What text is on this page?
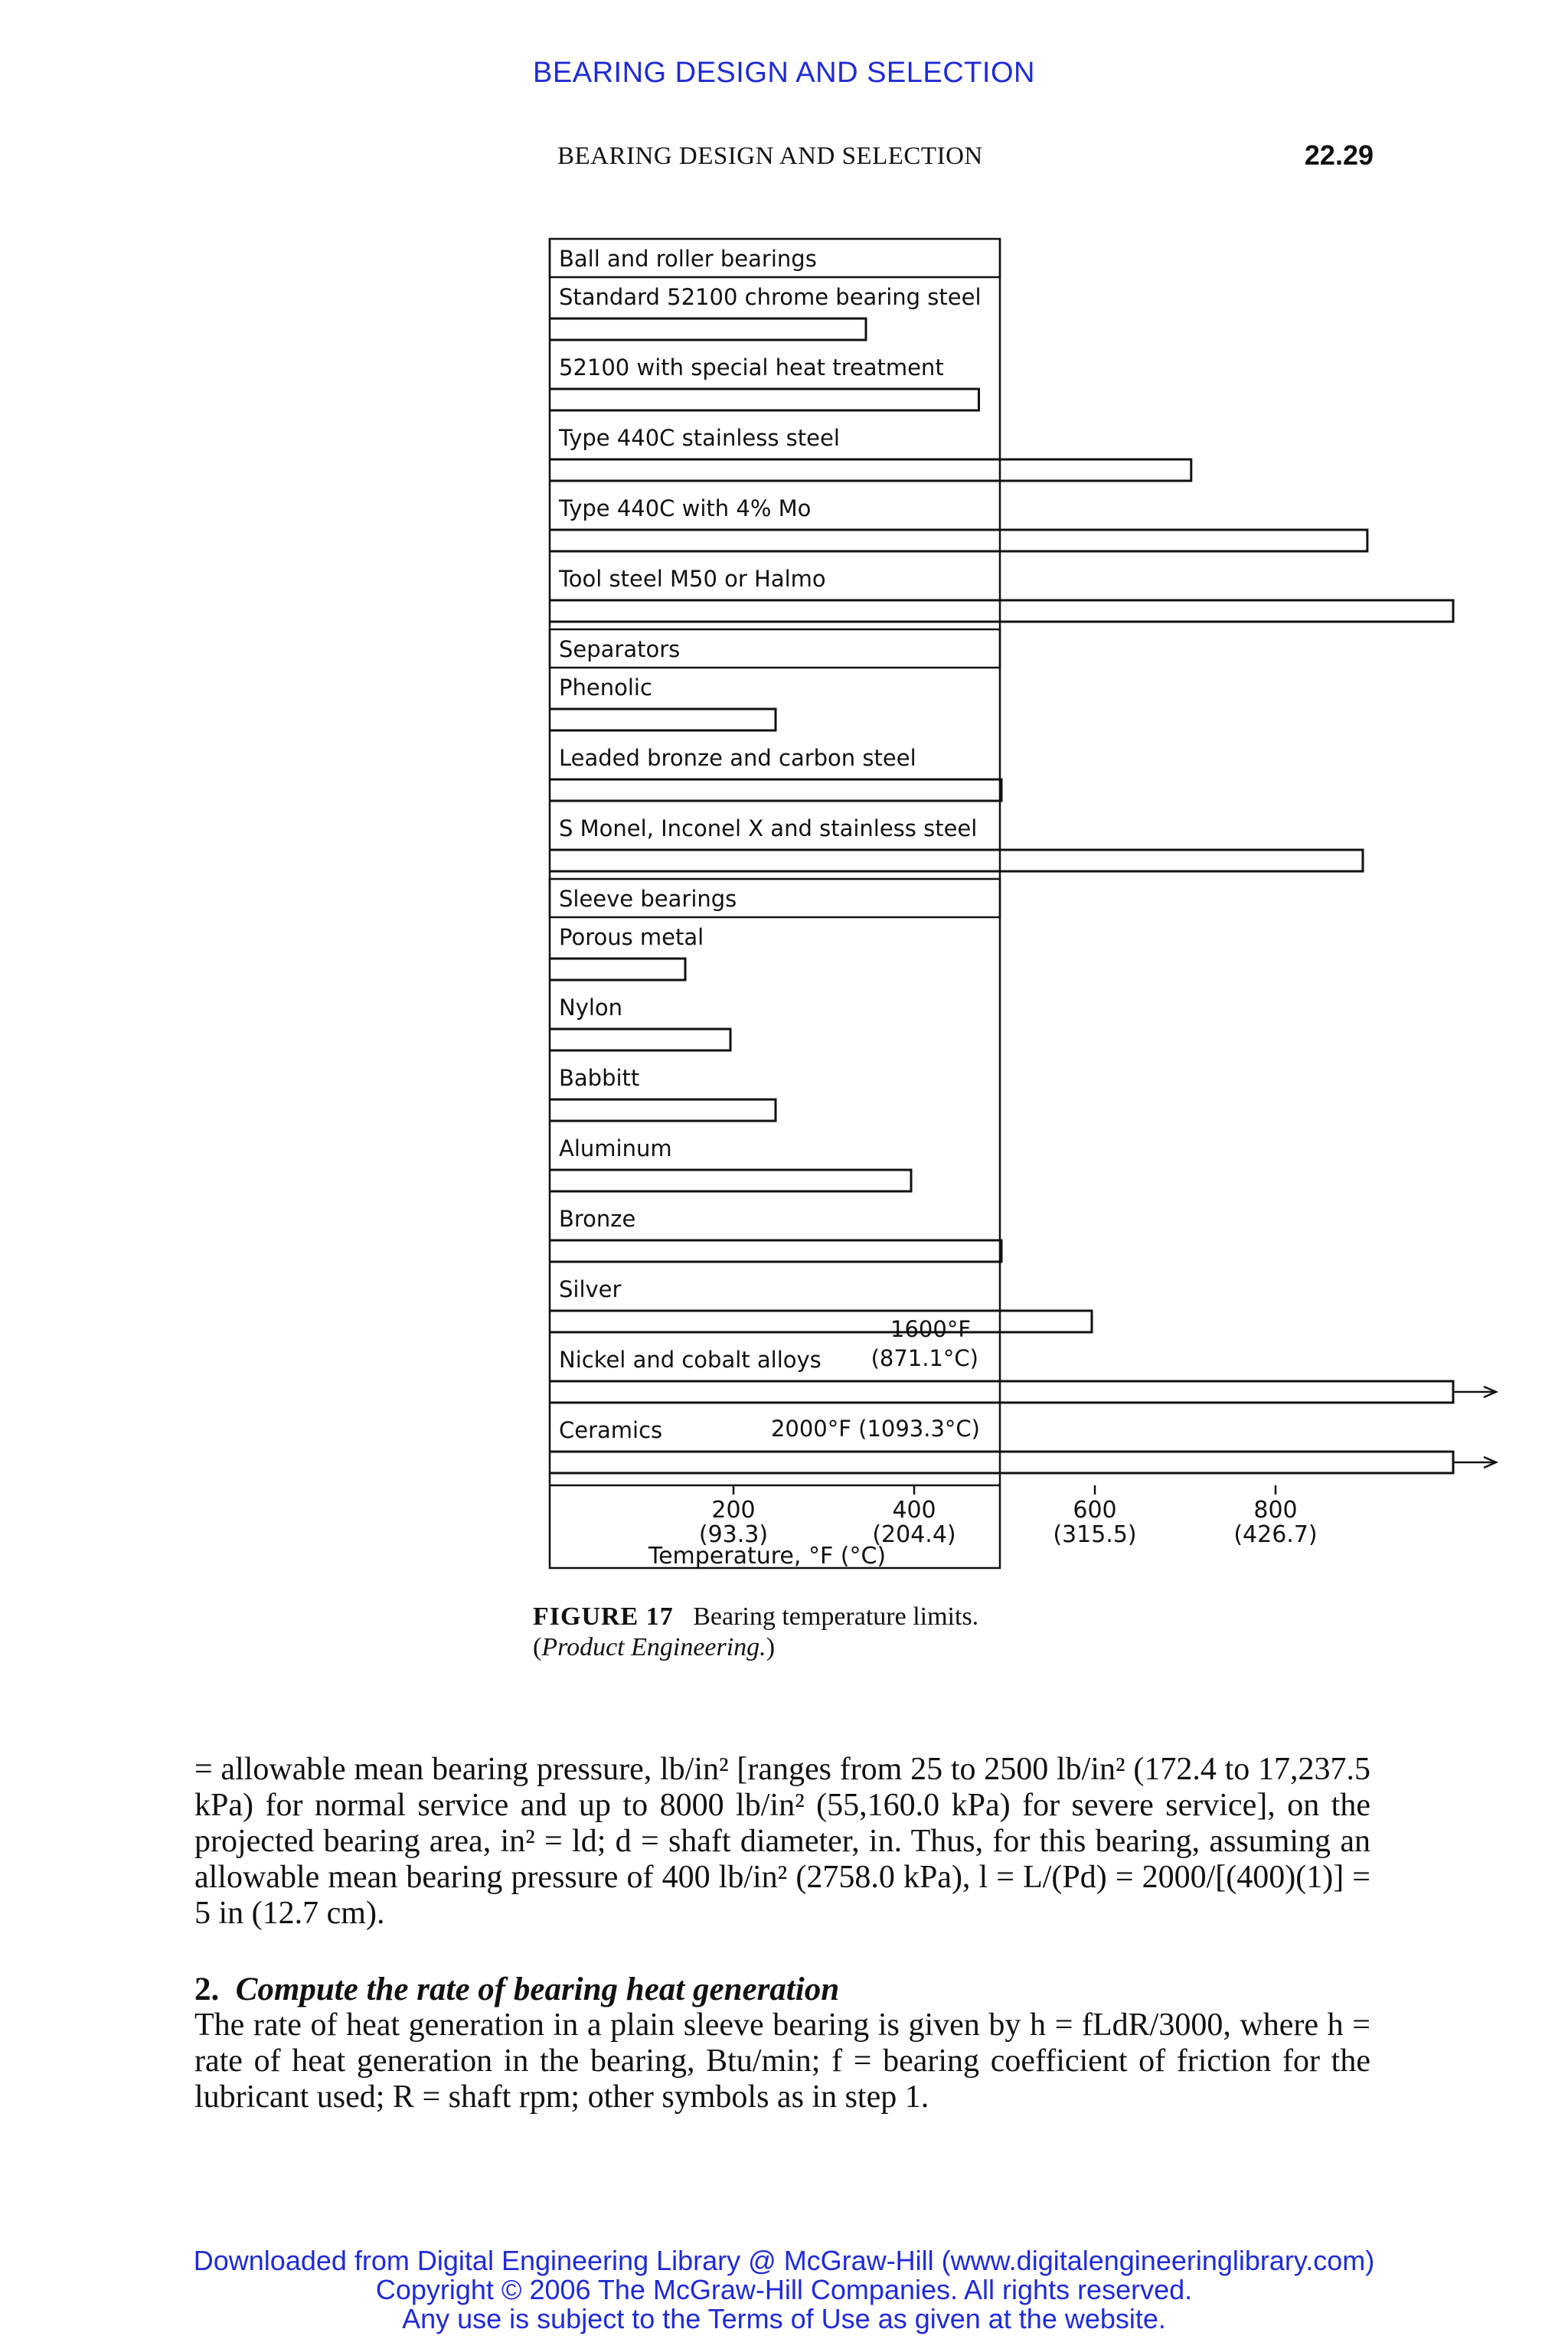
BEARING DESIGN AND SELECTION
BEARING DESIGN AND SELECTION	22.29
Ball and roller bearings
Standard 52100 chrome bearing steel
52100 with special heat treatment
Type 440C stainless steel
Type 440C with 4% Mo
Tool steel M50 or Halmo
Separators
Phenolic
Leaded bronze and carbon steel
S Monel, Inconel X and stainless steel
Sleeve bearings
Porous metal
Nylon
Babbitt
Aluminum
Bronze
Silver
Nickel and cobalt alloys
1600°F
(871.1°C)
Ceramics	2000°F (1093.3°C)
200
(93.3)
400
(204.4)
600
(315.5)
800
(426.7)
Temperature, °F (°C)
FIGURE 17 Bearing temperature limits. (Product Engineering.)
= allowable mean bearing pressure, lb/in² [ranges from 25 to 2500 lb/in² (172.4 to 17,237.5 kPa) for normal service and up to 8000 lb/in² (55,160.0 kPa) for severe service], on the projected bearing area, in² = ld; d = shaft diameter, in. Thus, for this bearing, assuming an allowable mean bearing pressure of 400 lb/in² (2758.0 kPa), l = L/(Pd) = 2000/[(400)(1)] = 5 in (12.7 cm).
2. Compute the rate of bearing heat generation
The rate of heat generation in a plain sleeve bearing is given by h = fLdR/3000, where h = rate of heat generation in the bearing, Btu/min; f = bearing coefficient of friction for the lubricant used; R = shaft rpm; other symbols as in step 1.
Downloaded from Digital Engineering Library @ McGraw-Hill (www.digitalengineeringlibrary.com)
Copyright © 2006 The McGraw-Hill Companies. All rights reserved.
Any use is subject to the Terms of Use as given at the website.
